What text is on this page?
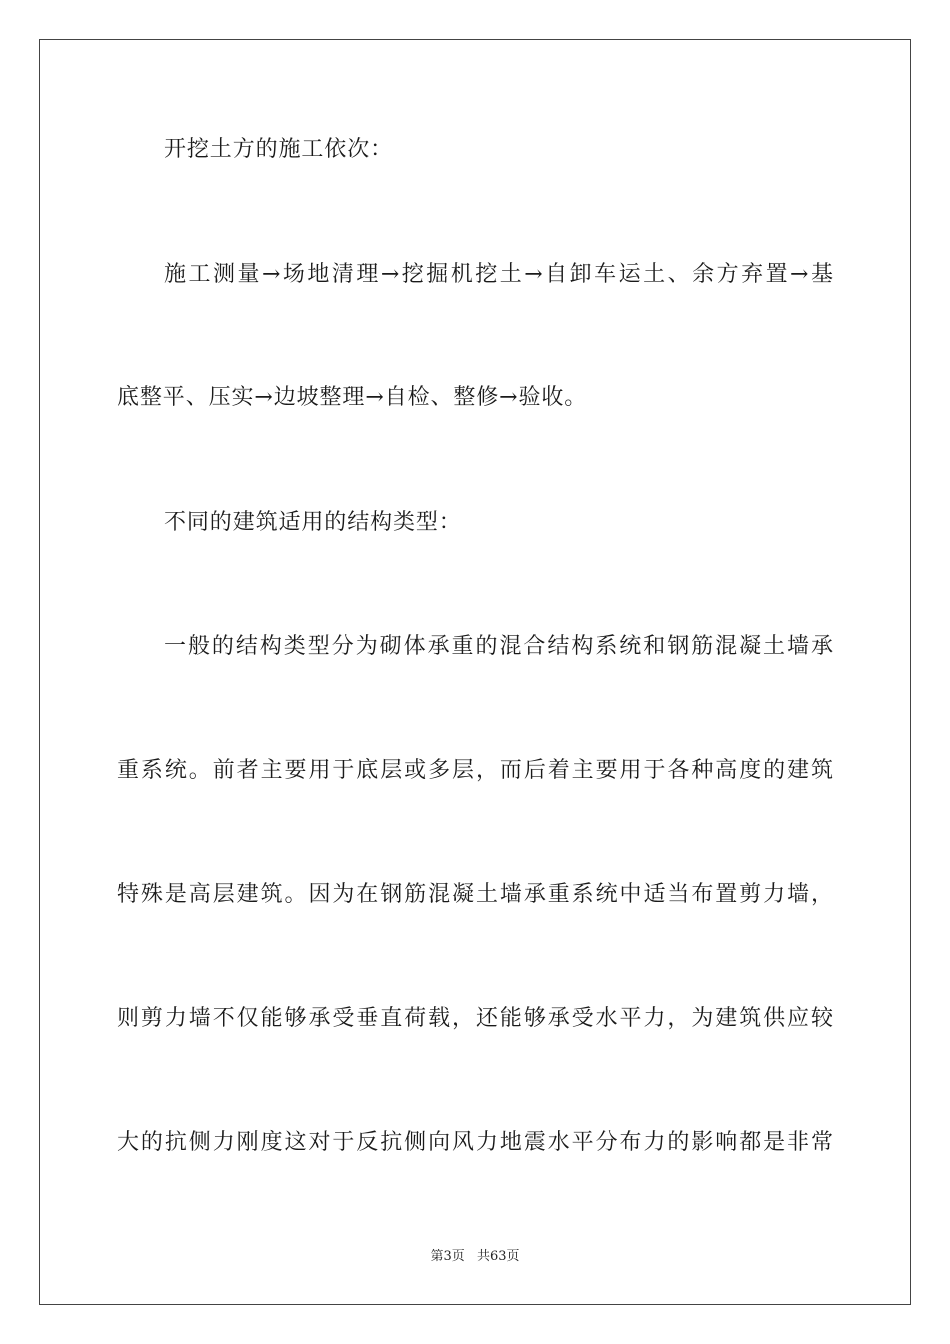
开挖土方的施工依次：
施工测量→场地清理→挖掘机挖土→自卸车运土、余方弃置→基
底整平、压实→边坡整理→自检、整修→验收。
不同的建筑适用的结构类型：
一般的结构类型分为砌体承重的混合结构系统和钢筋混凝土墙承
重系统。前者主要用于底层或多层，而后着主要用于各种高度的建筑
特殊是高层建筑。因为在钢筋混凝土墙承重系统中适当布置剪力墙，
则剪力墙不仅能够承受垂直荷载，还能够承受水平力，为建筑供应较
大的抗侧力刚度这对于反抗侧向风力地震水平分布力的影响都是非常
第3页 共63页
